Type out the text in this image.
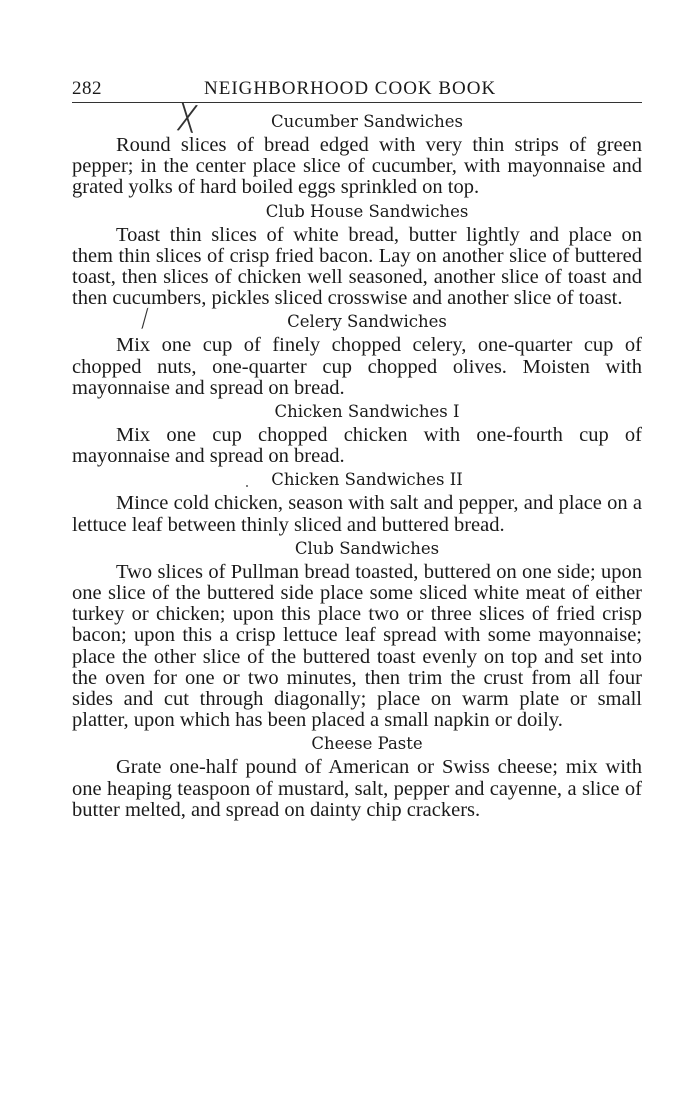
282	NEIGHBORHOOD COOK BOOK
╳	Cucumber Sandwiches

Round slices of bread edged with very thin strips of green pepper; in the center place slice of cucumber, with mayonnaise and grated yolks of hard boiled eggs sprinkled on top.

Club House Sandwiches

Toast thin slices of white bread, butter lightly and place on them thin slices of crisp fried bacon. Lay on another slice of buttered toast, then slices of chicken well seasoned, another slice of toast and then cucumbers, pickles sliced crosswise and another slice of toast.

⟋	Celery Sandwiches

Mix one cup of finely chopped celery, one-quarter cup of chopped nuts, one-quarter cup chopped olives. Moisten with mayonnaise and spread on bread.

Chicken Sandwiches I

Mix one cup chopped chicken with one-fourth cup of mayonnaise and spread on bread.

Chicken Sandwiches II

Mince cold chicken, season with salt and pepper, and place on a lettuce leaf between thinly sliced and buttered bread.

Club Sandwiches

Two slices of Pullman bread toasted, buttered on one side; upon one slice of the buttered side place some sliced white meat of either turkey or chicken; upon this place two or three slices of fried crisp bacon; upon this a crisp lettuce leaf spread with some mayonnaise; place the other slice of the buttered toast evenly on top and set into the oven for one or two minutes, then trim the crust from all four sides and cut through diagonally; place on warm plate or small platter, upon which has been placed a small napkin or doily.

Cheese Paste

Grate one-half pound of American or Swiss cheese; mix with one heaping teaspoon of mustard, salt, pepper and cayenne, a slice of butter melted, and spread on dainty chip crackers.
